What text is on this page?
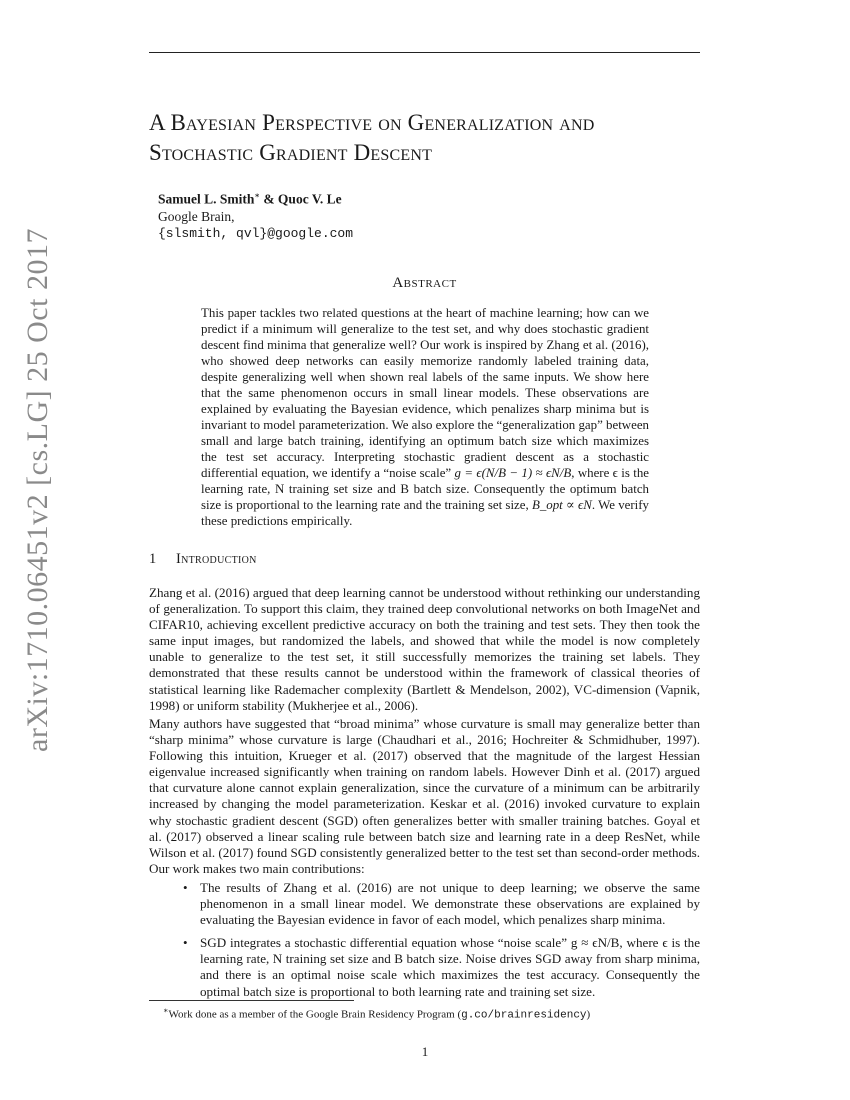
arXiv:1710.06451v2 [cs.LG] 25 Oct 2017
A Bayesian Perspective on Generalization and
Stochastic Gradient Descent
Samuel L. Smith∗ & Quoc V. Le
Google Brain,
{slsmith, qvl}@google.com
Abstract
This paper tackles two related questions at the heart of machine learning; how can we predict if a minimum will generalize to the test set, and why does stochastic gradient descent find minima that generalize well? Our work is inspired by Zhang et al. (2016), who showed deep networks can easily memorize randomly labeled training data, despite generalizing well when shown real labels of the same inputs. We show here that the same phenomenon occurs in small linear models. These observations are explained by evaluating the Bayesian evidence, which penalizes sharp minima but is invariant to model parameterization. We also explore the “generalization gap” between small and large batch training, identifying an optimum batch size which maximizes the test set accuracy. Interpreting stochastic gradient descent as a stochastic differential equation, we identify a “noise scale” g = ϵ(N/B − 1) ≈ ϵN/B, where ϵ is the learning rate, N training set size and B batch size. Consequently the optimum batch size is proportional to the learning rate and the training set size, B_opt ∝ ϵN. We verify these predictions empirically.
1 Introduction
Zhang et al. (2016) argued that deep learning cannot be understood without rethinking our understanding of generalization. To support this claim, they trained deep convolutional networks on both ImageNet and CIFAR10, achieving excellent predictive accuracy on both the training and test sets. They then took the same input images, but randomized the labels, and showed that while the model is now completely unable to generalize to the test set, it still successfully memorizes the training set labels. They demonstrated that these results cannot be understood within the framework of classical theories of statistical learning like Rademacher complexity (Bartlett & Mendelson, 2002), VC-dimension (Vapnik, 1998) or uniform stability (Mukherjee et al., 2006).
Many authors have suggested that “broad minima” whose curvature is small may generalize better than “sharp minima” whose curvature is large (Chaudhari et al., 2016; Hochreiter & Schmidhuber, 1997). Following this intuition, Krueger et al. (2017) observed that the magnitude of the largest Hessian eigenvalue increased significantly when training on random labels. However Dinh et al. (2017) argued that curvature alone cannot explain generalization, since the curvature of a minimum can be arbitrarily increased by changing the model parameterization. Keskar et al. (2016) invoked curvature to explain why stochastic gradient descent (SGD) often generalizes better with smaller training batches. Goyal et al. (2017) observed a linear scaling rule between batch size and learning rate in a deep ResNet, while Wilson et al. (2017) found SGD consistently generalized better to the test set than second-order methods. Our work makes two main contributions:
• The results of Zhang et al. (2016) are not unique to deep learning; we observe the same phenomenon in a small linear model. We demonstrate these observations are explained by evaluating the Bayesian evidence in favor of each model, which penalizes sharp minima.
• SGD integrates a stochastic differential equation whose “noise scale” g ≈ ϵN/B, where ϵ is the learning rate, N training set size and B batch size. Noise drives SGD away from sharp minima, and there is an optimal noise scale which maximizes the test accuracy. Consequently the optimal batch size is proportional to both learning rate and training set size.
∗Work done as a member of the Google Brain Residency Program (g.co/brainresidency)
1
